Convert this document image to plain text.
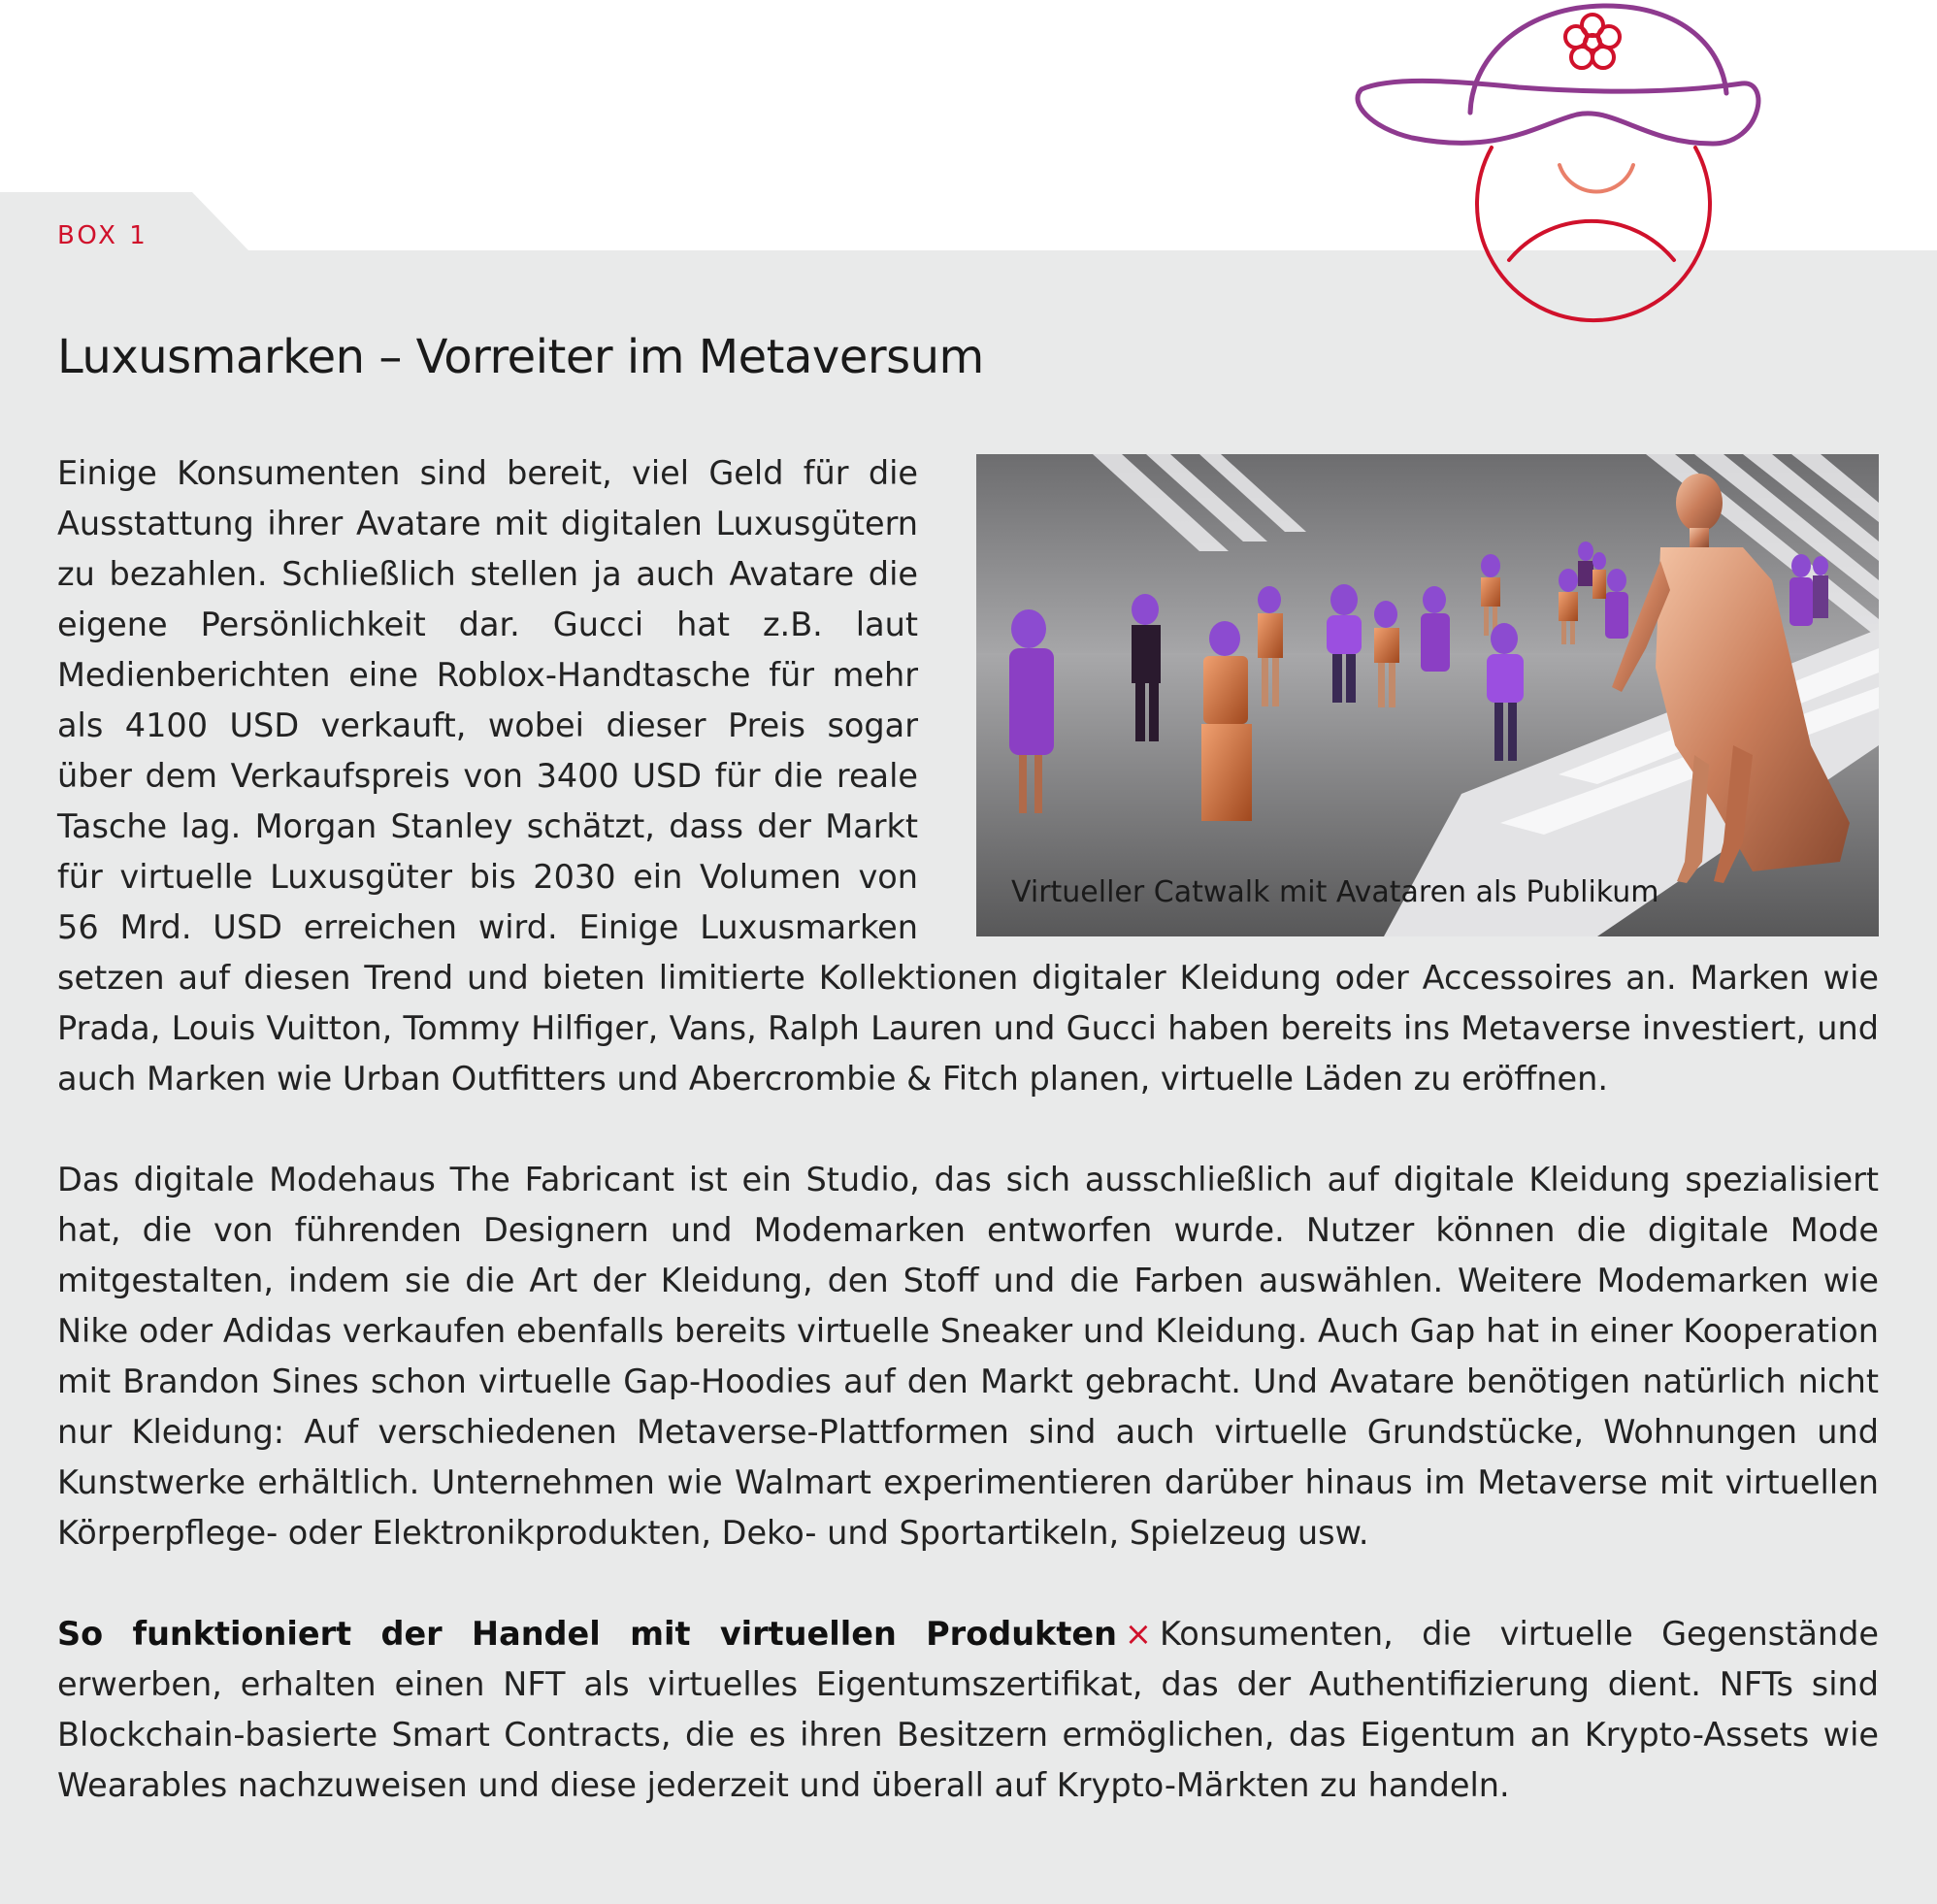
BOX 1
Luxusmarken – Vorreiter im Metaversum
Virtueller Catwalk mit Avataren als Publikum

Einige Konsumenten sind bereit, viel Geld für die Ausstattung ihrer Avatare mit digitalen Luxusgütern zu bezahlen. Schließlich stellen ja auch Avatare die eigene Persönlichkeit dar. Gucci hat z.B. laut Medienberichten eine Roblox-Handtasche für mehr als 4100 USD verkauft, wobei dieser Preis sogar über dem Verkaufspreis von 3400 USD für die reale Tasche lag. Morgan Stanley schätzt, dass der Markt für virtuelle Luxusgüter bis 2030 ein Volumen von 56 Mrd. USD erreichen wird. Einige Luxusmarken setzen auf diesen Trend und bieten limitierte Kollektionen digitaler Kleidung oder Accessoires an. Marken wie Prada, Louis Vuitton, Tommy Hilfiger, Vans, Ralph Lauren und Gucci haben bereits ins Metaverse investiert, und auch Marken wie Urban Outfitters und Abercrombie & Fitch planen, virtuelle Läden zu eröffnen.

Das digitale Modehaus The Fabricant ist ein Studio, das sich ausschließlich auf digitale Kleidung spezialisiert hat, die von führenden Designern und Modemarken entworfen wurde. Nutzer können die digitale Mode mitgestalten, indem sie die Art der Kleidung, den Stoff und die Farben auswählen. Weitere Modemarken wie Nike oder Adidas verkaufen ebenfalls bereits virtuelle Sneaker und Kleidung. Auch Gap hat in einer Kooperation mit Brandon Sines schon virtuelle Gap-Hoodies auf den Markt gebracht. Und Avatare benötigen natürlich nicht nur Kleidung: Auf verschiedenen Metaverse-Plattformen sind auch virtuelle Grundstücke, Wohnungen und Kunstwerke erhältlich. Unternehmen wie Walmart experimentieren darüber hinaus im Metaverse mit virtuellen Körperpflege- oder Elektronikprodukten, Deko- und Sportartikeln, Spielzeug usw.

So funktioniert der Handel mit virtuellen Produkten × Konsumenten, die virtuelle Gegenstände erwerben, erhalten einen NFT als virtuelles Eigentumszertifikat, das der Authentifizierung dient. NFTs sind Blockchain-basierte Smart Contracts, die es ihren Besitzern ermöglichen, das Eigentum an Krypto-Assets wie Wearables nachzuweisen und diese jederzeit und überall auf Krypto-Märkten zu handeln.
